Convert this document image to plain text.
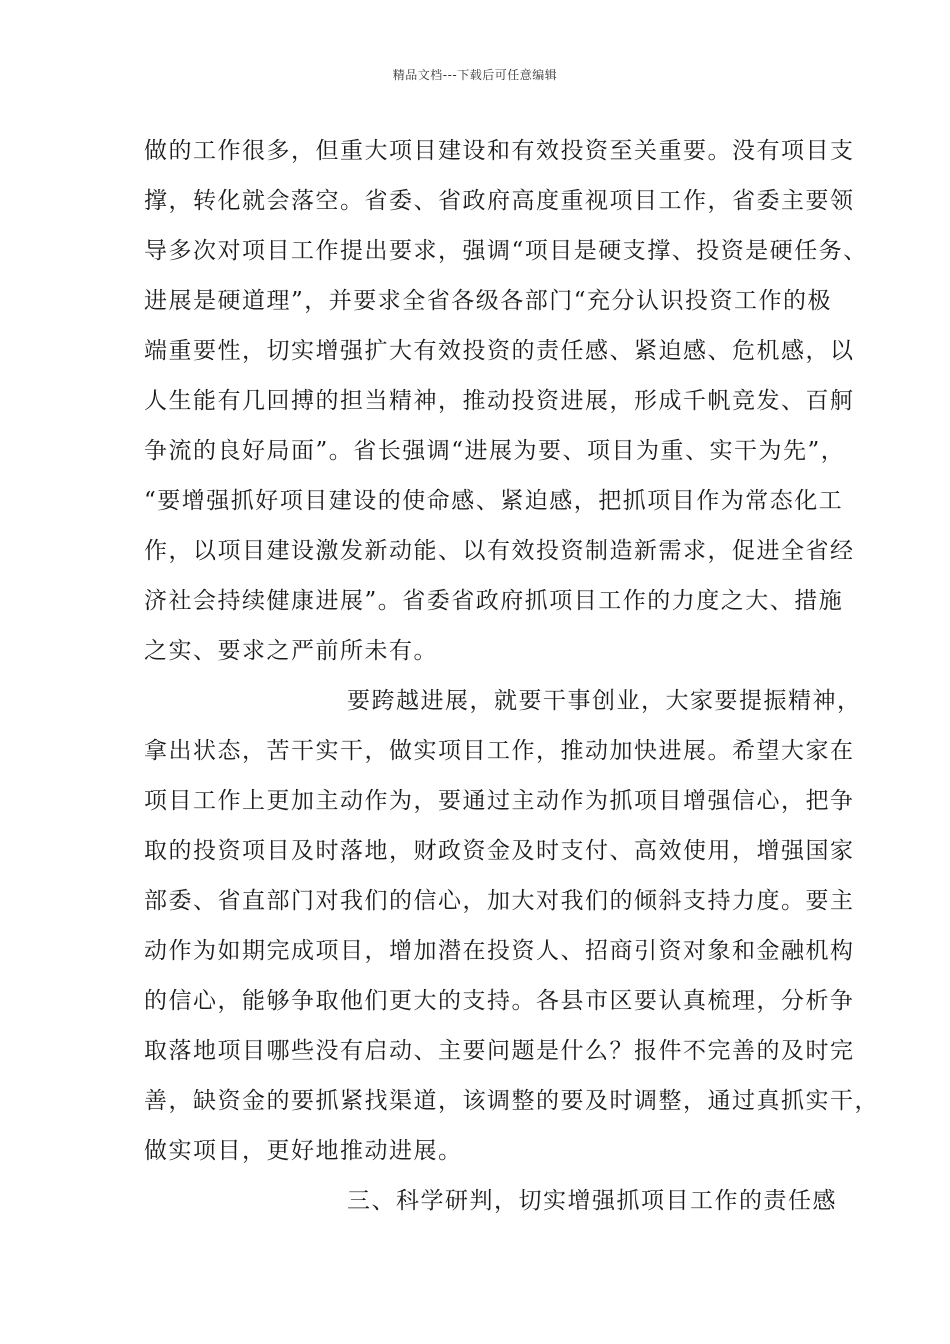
精品文档---下载后可任意编辑
做的工作很多，但重大项目建设和有效投资至关重要。没有项目支
撑，转化就会落空。省委、省政府高度重视项目工作，省委主要领
导多次对项目工作提出要求，强调“项目是硬支撑、投资是硬任务、
进展是硬道理”，并要求全省各级各部门“充分认识投资工作的极
端重要性，切实增强扩大有效投资的责任感、紧迫感、危机感，以
人生能有几回搏的担当精神，推动投资进展，形成千帆竞发、百舸
争流的良好局面”。省长强调“进展为要、项目为重、实干为先”，
“要增强抓好项目建设的使命感、紧迫感，把抓项目作为常态化工
作，以项目建设激发新动能、以有效投资制造新需求，促进全省经
济社会持续健康进展”。省委省政府抓项目工作的力度之大、措施
之实、要求之严前所未有。
要跨越进展，就要干事创业，大家要提振精神，
拿出状态，苦干实干，做实项目工作，推动加快进展。希望大家在
项目工作上更加主动作为，要通过主动作为抓项目增强信心，把争
取的投资项目及时落地，财政资金及时支付、高效使用，增强国家
部委、省直部门对我们的信心，加大对我们的倾斜支持力度。要主
动作为如期完成项目，增加潜在投资人、招商引资对象和金融机构
的信心，能够争取他们更大的支持。各县市区要认真梳理，分析争
取落地项目哪些没有启动、主要问题是什么？报件不完善的及时完
善，缺资金的要抓紧找渠道，该调整的要及时调整，通过真抓实干，
做实项目，更好地推动进展。
三、科学研判，切实增强抓项目工作的责任感
